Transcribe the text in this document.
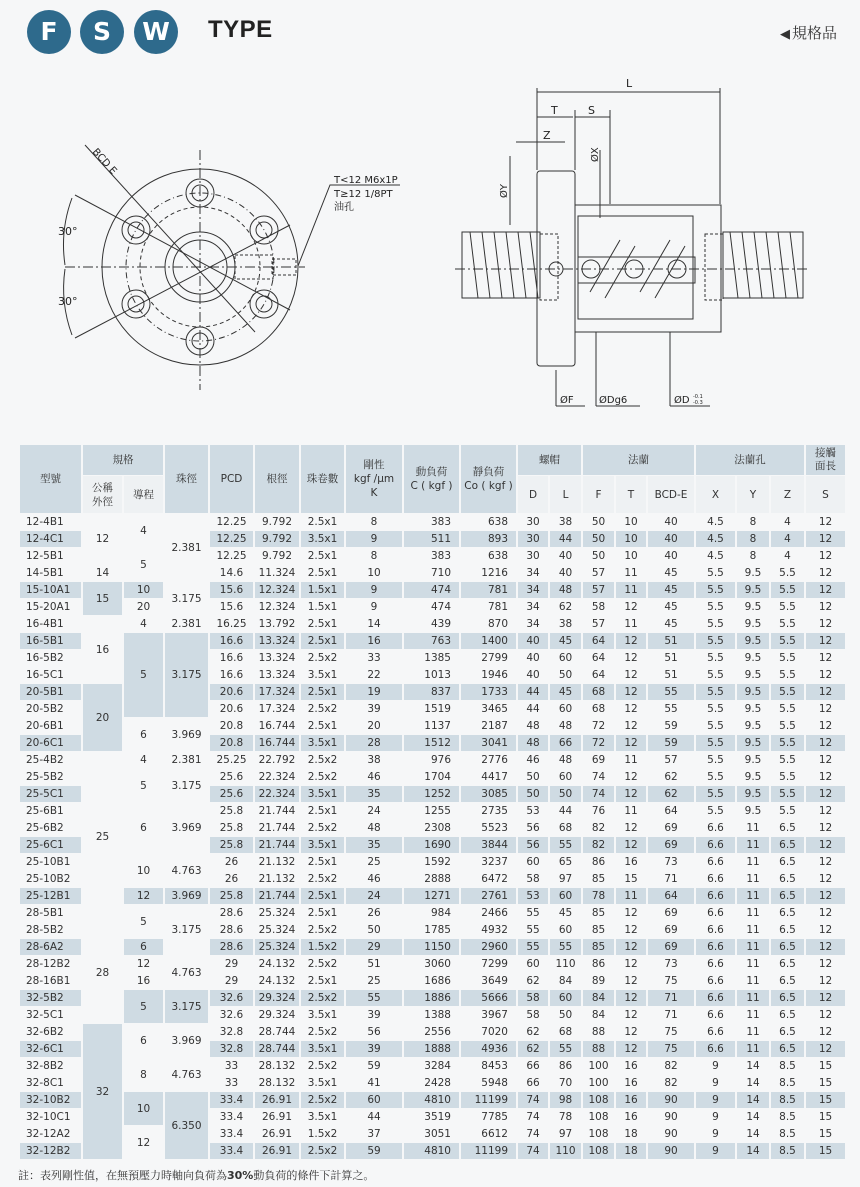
F	S	W	TYPE	◀ 規格品
30°
30°
BCD E
T<12 M6x1P
T≥12 1/8PT
油孔
L
T	S
Z
ØX
ØY
ØF	ØDg6	ØD -0.1
-0.3
型號	規格	珠徑	PCD	根徑	珠卷數	
剛性
kgf /μm
K

動負荷
C ( kgf )

靜負荷
Co ( kgf )
	螺帽	法蘭	法蘭孔	
接觸
面長

公稱
外徑
	導程	D	L	F	T	BCD-E	X	Y	Z	S
12-4B1	12	4	2.381	12.25	9.792	2.5x1	8	383	638	30	38	50	10	40	4.5	8	4	12
12-4C1	12.25	9.792	3.5x1	9	511	893	30	44	50	10	40	4.5	8	4	12
12-5B1	5	12.25	9.792	2.5x1	8	383	638	30	40	50	10	40	4.5	8	4	12
14-5B1	14	14.6	11.324	2.5x1	10	710	1216	34	40	57	11	45	5.5	9.5	5.5	12
15-10A1	15	10	3.175	15.6	12.324	1.5x1	9	474	781	34	48	57	11	45	5.5	9.5	5.5	12
15-20A1	20	15.6	12.324	1.5x1	9	474	781	34	62	58	12	45	5.5	9.5	5.5	12
16-4B1	16	4	2.381	16.25	13.792	2.5x1	14	439	870	34	38	57	11	45	5.5	9.5	5.5	12
16-5B1	5	3.175	16.6	13.324	2.5x1	16	763	1400	40	45	64	12	51	5.5	9.5	5.5	12
16-5B2	16.6	13.324	2.5x2	33	1385	2799	40	60	64	12	51	5.5	9.5	5.5	12
16-5C1	16.6	13.324	3.5x1	22	1013	1946	40	50	64	12	51	5.5	9.5	5.5	12
20-5B1	20	20.6	17.324	2.5x1	19	837	1733	44	45	68	12	55	5.5	9.5	5.5	12
20-5B2	20.6	17.324	2.5x2	39	1519	3465	44	60	68	12	55	5.5	9.5	5.5	12
20-6B1	6	3.969	20.8	16.744	2.5x1	20	1137	2187	48	48	72	12	59	5.5	9.5	5.5	12
20-6C1	20.8	16.744	3.5x1	28	1512	3041	48	66	72	12	59	5.5	9.5	5.5	12
25-4B2	25	4	2.381	25.25	22.792	2.5x2	38	976	2776	46	48	69	11	57	5.5	9.5	5.5	12
25-5B2	5	3.175	25.6	22.324	2.5x2	46	1704	4417	50	60	74	12	62	5.5	9.5	5.5	12
25-5C1	25.6	22.324	3.5x1	35	1252	3085	50	50	74	12	62	5.5	9.5	5.5	12
25-6B1	6	3.969	25.8	21.744	2.5x1	24	1255	2735	53	44	76	11	64	5.5	9.5	5.5	12
25-6B2	25.8	21.744	2.5x2	48	2308	5523	56	68	82	12	69	6.6	11	6.5	12
25-6C1	25.8	21.744	3.5x1	35	1690	3844	56	55	82	12	69	6.6	11	6.5	12
25-10B1	10	4.763	26	21.132	2.5x1	25	1592	3237	60	65	86	16	73	6.6	11	6.5	12
25-10B2	26	21.132	2.5x2	46	2888	6472	58	97	85	15	71	6.6	11	6.5	12
25-12B1	12	3.969	25.8	21.744	2.5x1	24	1271	2761	53	60	78	11	64	6.6	11	6.5	12
28-5B1	5	3.175	28.6	25.324	2.5x1	26	984	2466	55	45	85	12	69	6.6	11	6.5	12
28-5B2	28	28.6	25.324	2.5x2	50	1785	4932	55	60	85	12	69	6.6	11	6.5	12
28-6A2	6	28.6	25.324	1.5x2	29	1150	2960	55	55	85	12	69	6.6	11	6.5	12
28-12B2	12	4.763	29	24.132	2.5x2	51	3060	7299	60	110	86	12	73	6.6	11	6.5	12
28-16B1	16	29	24.132	2.5x1	25	1686	3649	62	84	89	12	75	6.6	11	6.5	12
32-5B2	5	3.175	32.6	29.324	2.5x2	55	1886	5666	58	60	84	12	71	6.6	11	6.5	12
32-5C1	32.6	29.324	3.5x1	39	1388	3967	58	50	84	12	71	6.6	11	6.5	12
32-6B2	32	6	3.969	32.8	28.744	2.5x2	56	2556	7020	62	68	88	12	75	6.6	11	6.5	12
32-6C1	32.8	28.744	3.5x1	39	1888	4936	62	55	88	12	75	6.6	11	6.5	12
32-8B2	8	4.763	33	28.132	2.5x2	59	3284	8453	66	86	100	16	82	9	14	8.5	15
32-8C1	33	28.132	3.5x1	41	2428	5948	66	70	100	16	82	9	14	8.5	15
32-10B2	10	6.350	33.4	26.91	2.5x2	60	4810	11199	74	98	108	16	90	9	14	8.5	15
32-10C1	33.4	26.91	3.5x1	44	3519	7785	74	78	108	16	90	9	14	8.5	15
32-12A2	12	33.4	26.91	1.5x2	37	3051	6612	74	97	108	18	90	9	14	8.5	15
32-12B2	33.4	26.91	2.5x2	59	4810	11199	74	110	108	18	90	9	14	8.5	15
註：表列剛性值，在無預壓力時軸向負荷為30%動負荷的條件下計算之。
